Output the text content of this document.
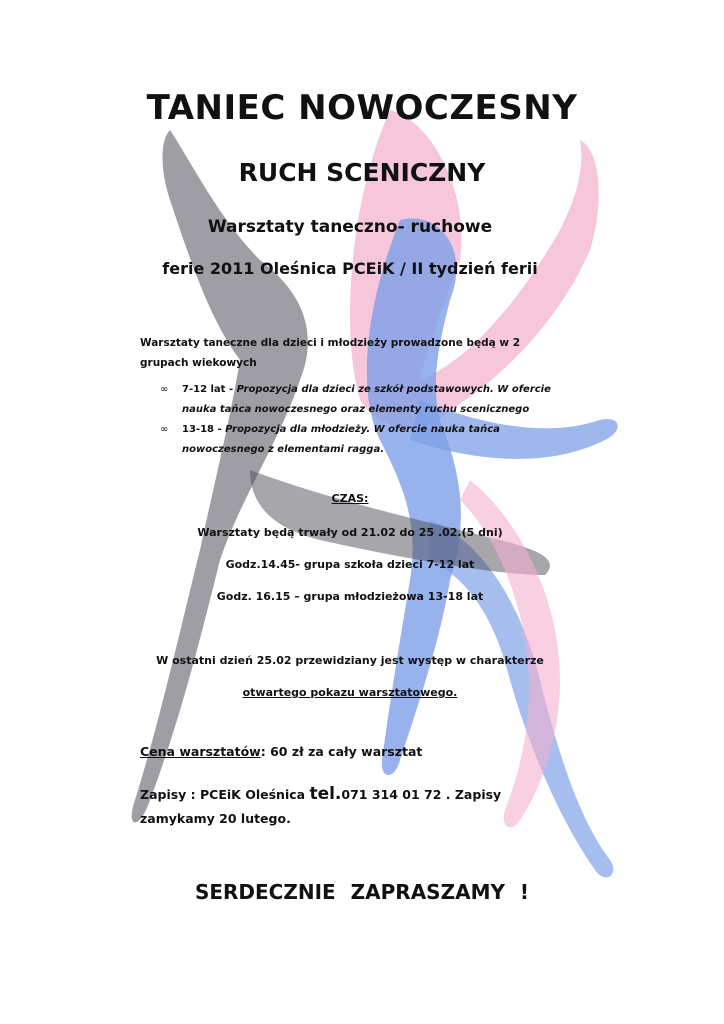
TANIEC NOWOCZESNY
RUCH SCENICZNY
Warsztaty taneczno- ruchowe
ferie 2011 Oleśnica PCEiK / II tydzień ferii
Warsztaty taneczne dla dzieci i młodzieży prowadzone będą w 2 grupach wiekowych
∞ 7-12 lat - Propozycja dla dzieci ze szkół podstawowych. W ofercie nauka tańca nowoczesnego oraz elementy ruchu scenicznego
∞ 13-18 - Propozycja dla młodzieży. W ofercie nauka tańca nowoczesnego z elementami ragga.
CZAS:
Warsztaty będą trwały od 21.02 do 25 .02.(5 dni)
Godz.14.45- grupa szkoła dzieci 7-12 lat
Godz. 16.15 – grupa młodzieżowa 13-18 lat
W ostatni dzień 25.02 przewidziany jest występ w charakterze
otwartego pokazu warsztatowego.
Cena warsztatów: 60 zł za cały warsztat
Zapisy : PCEiK Oleśnica tel.071 314 01 72 . Zapisy zamykamy 20 lutego.
SERDECZNIE ZAPRASZAMY !
